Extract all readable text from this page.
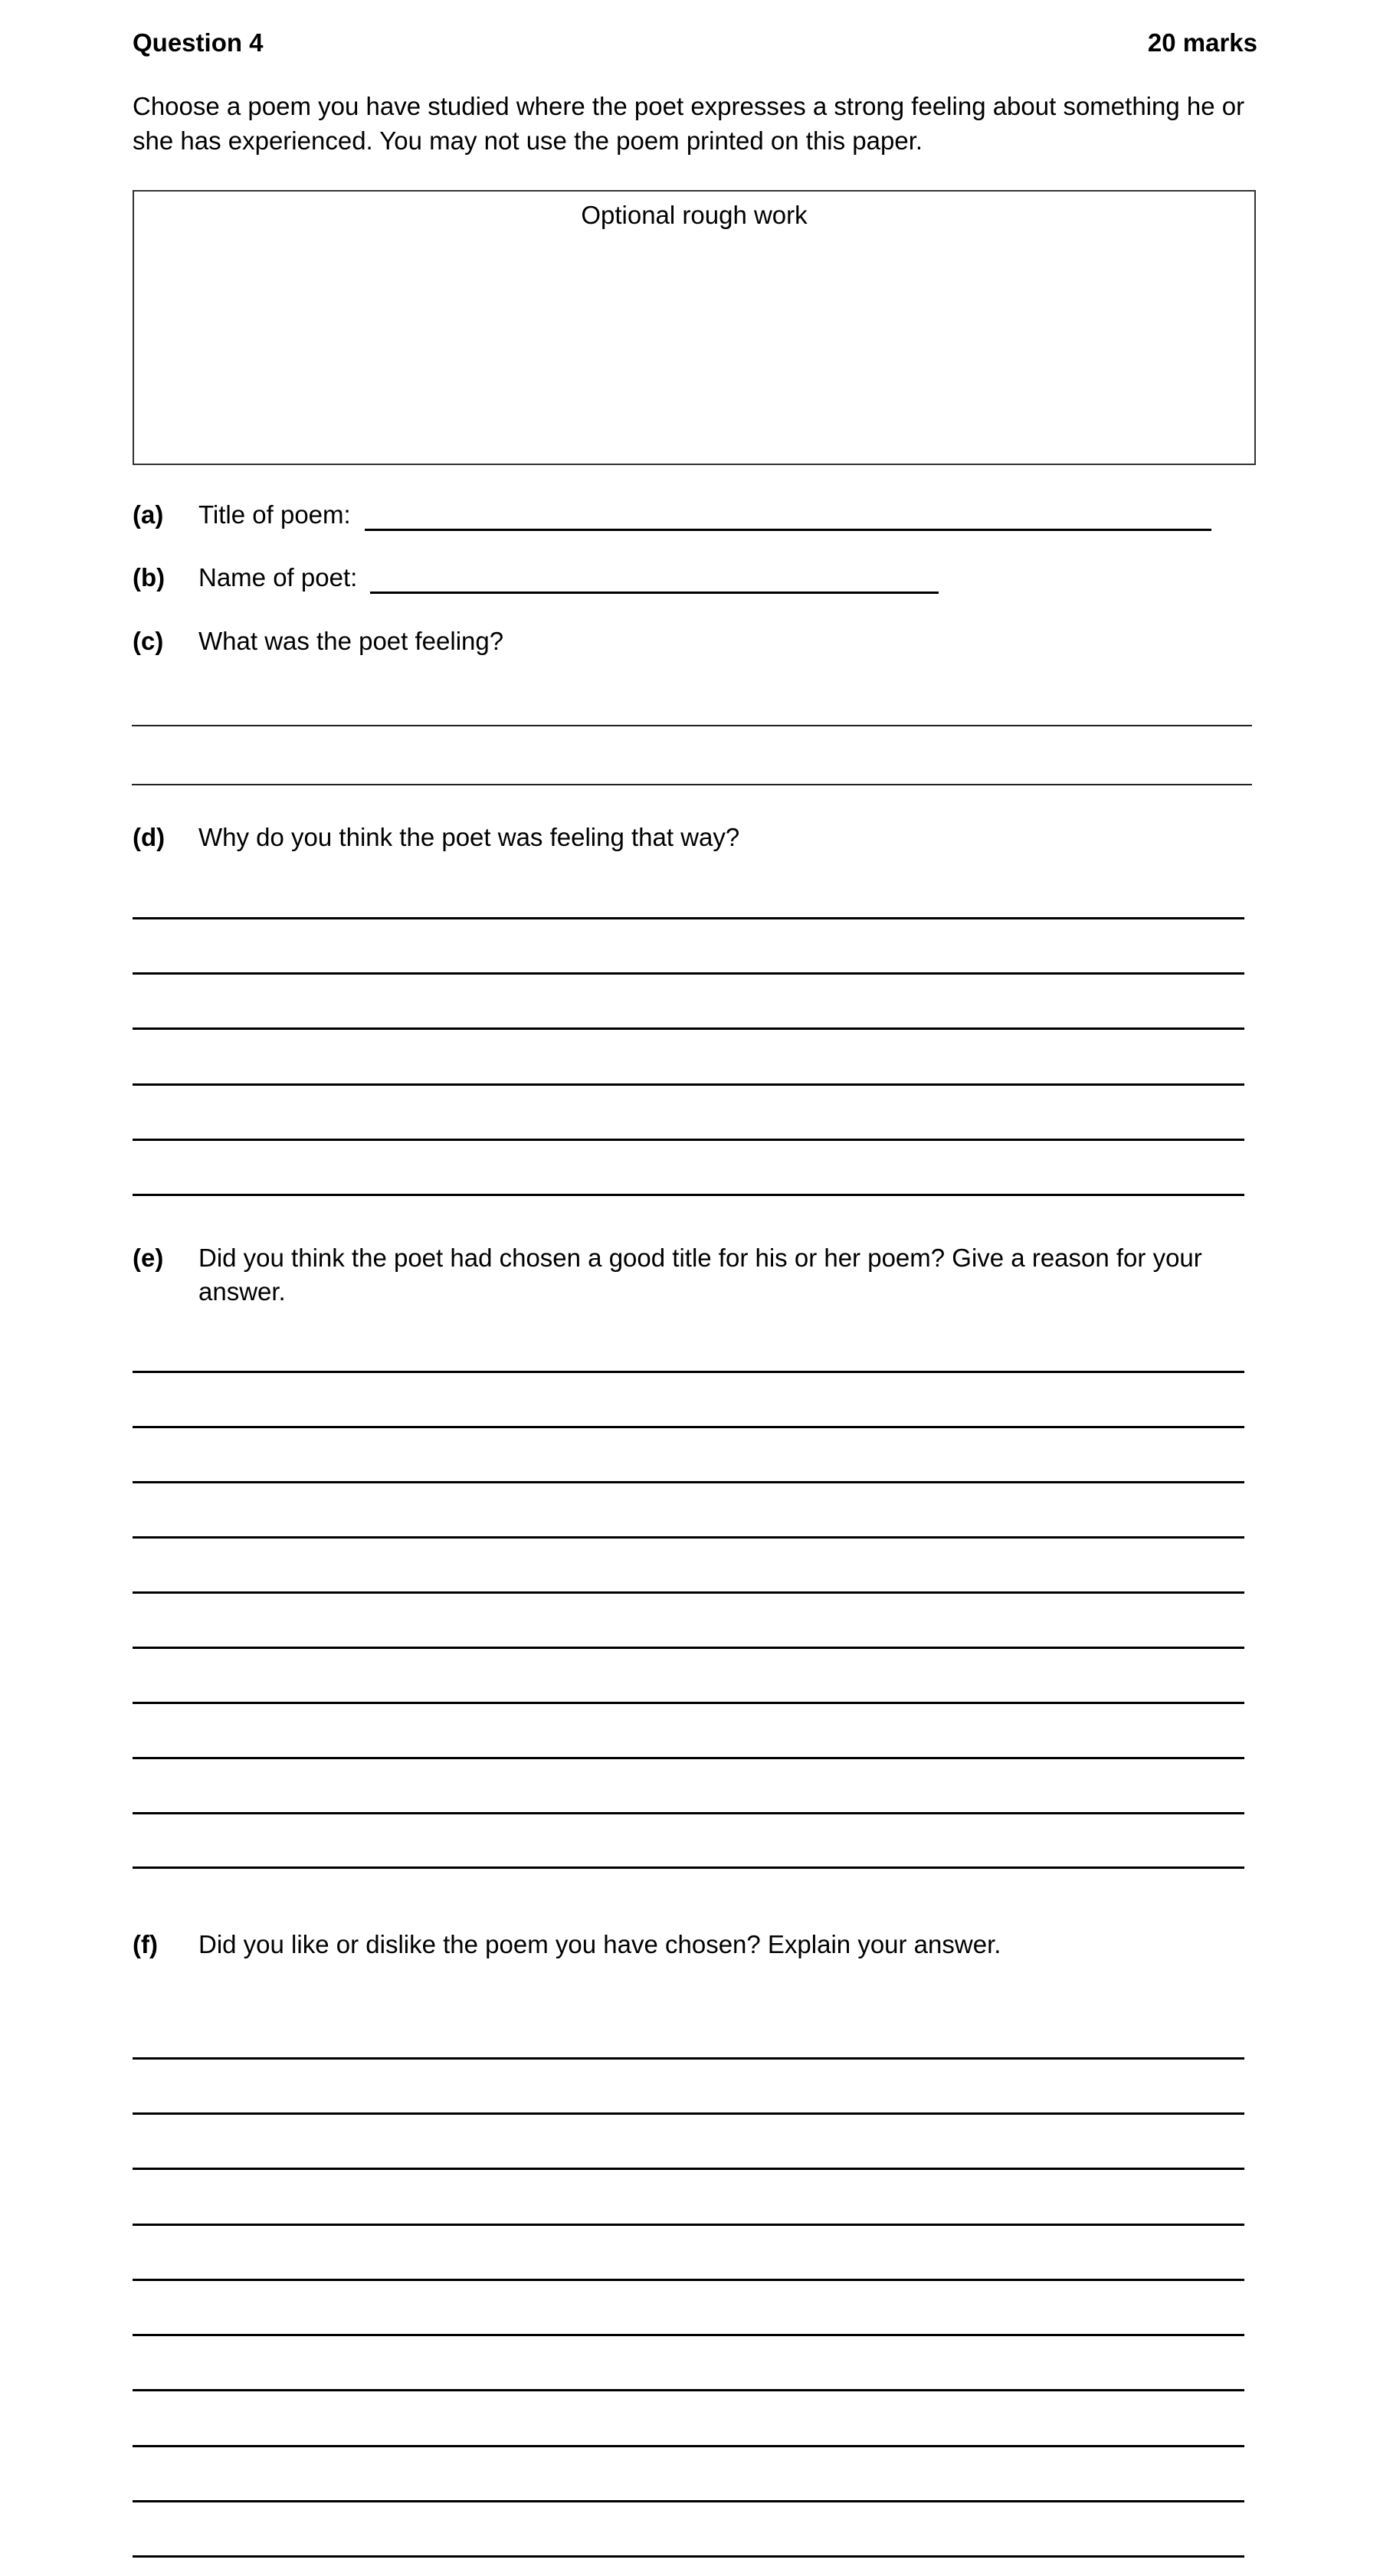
Question 4	20 marks
Choose a poem you have studied where the poet expresses a strong feeling about something he or she has experienced. You may not use the poem printed on this paper.
Optional rough work
(a) Title of poem:
(b) Name of poet:
(c) What was the poet feeling?
(d) Why do you think the poet was feeling that way?
(e) Did you think the poet had chosen a good title for his or her poem? Give a reason for your answer.
(f) Did you like or dislike the poem you have chosen? Explain your answer.
